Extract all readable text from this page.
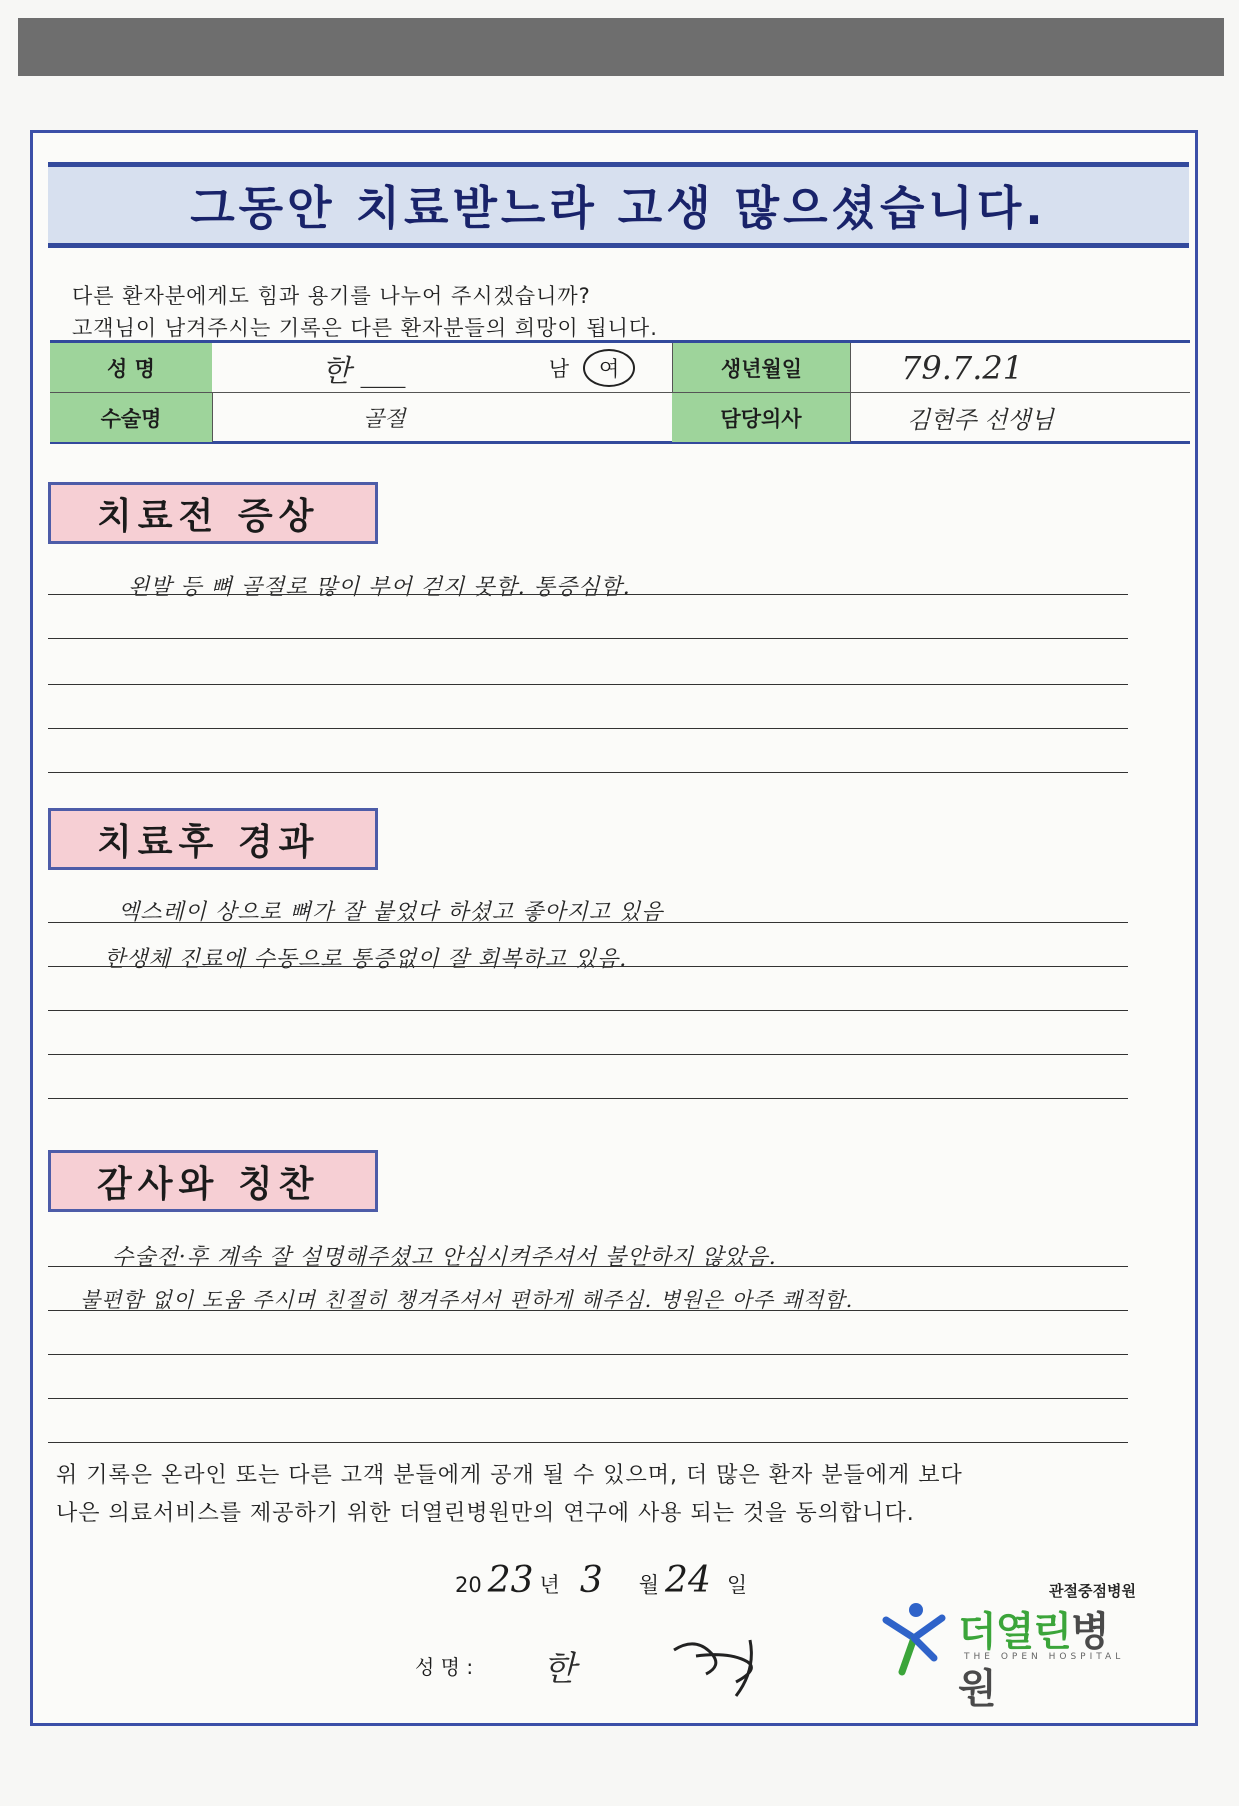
그동안 치료받느라 고생 많으셨습니다.
다른 환자분에게도 힘과 용기를 나누어 주시겠습니까?
고객님이 남겨주시는 기록은 다른 환자분들의 희망이 됩니다.
성 명	한 ___	남	여	생년월일	79.7.21
수술명	골절	담당의사	김현주 선생님
치료전 증상
왼발 등 뼈 골절로 많이 부어 걷지 못함. 통증심함.
치료후 경과
엑스레이 상으로 뼈가 잘 붙었다 하셨고 좋아지고 있음
한생체 진료에 수동으로 통증없이 잘 회복하고 있음.
감사와 칭찬
수술전·후 계속 잘 설명해주셨고 안심시켜주셔서 불안하지 않았음.
불편함 없이 도움 주시며 친절히 챙겨주셔서 편하게 해주심. 병원은 아주 쾌적함.
위 기록은 온라인 또는 다른 고객 분들에게 공개 될 수 있으며, 더 많은 환자 분들에게 보다
나은 의료서비스를 제공하기 위한 더열린병원만의 연구에 사용 되는 것을 동의합니다.
20 23 년 3 월 24 일
성 명 : 한
관절중점병원
더열린병원
THE OPEN HOSPITAL
